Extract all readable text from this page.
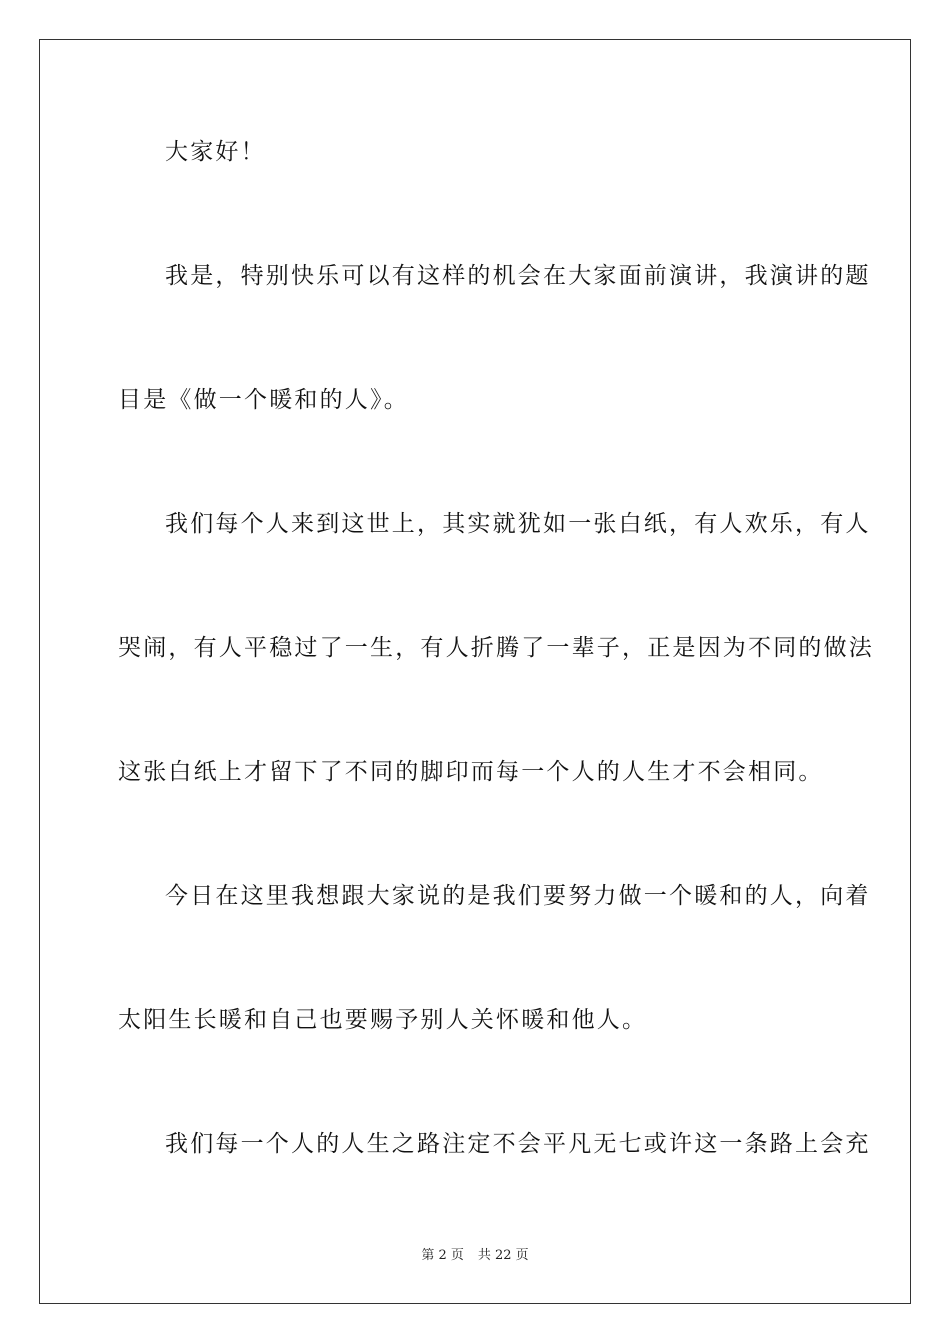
大家好！
我是，特别快乐可以有这样的机会在大家面前演讲，我演讲的题
目是《做一个暖和的人》。
我们每个人来到这世上，其实就犹如一张白纸，有人欢乐，有人
哭闹，有人平稳过了一生，有人折腾了一辈子，正是因为不同的做法
这张白纸上才留下了不同的脚印而每一个人的人生才不会相同。
今日在这里我想跟大家说的是我们要努力做一个暖和的人，向着
太阳生长暖和自己也要赐予别人关怀暖和他人。
我们每一个人的人生之路注定不会平凡无七或许这一条路上会充
第 2 页 共 22 页
